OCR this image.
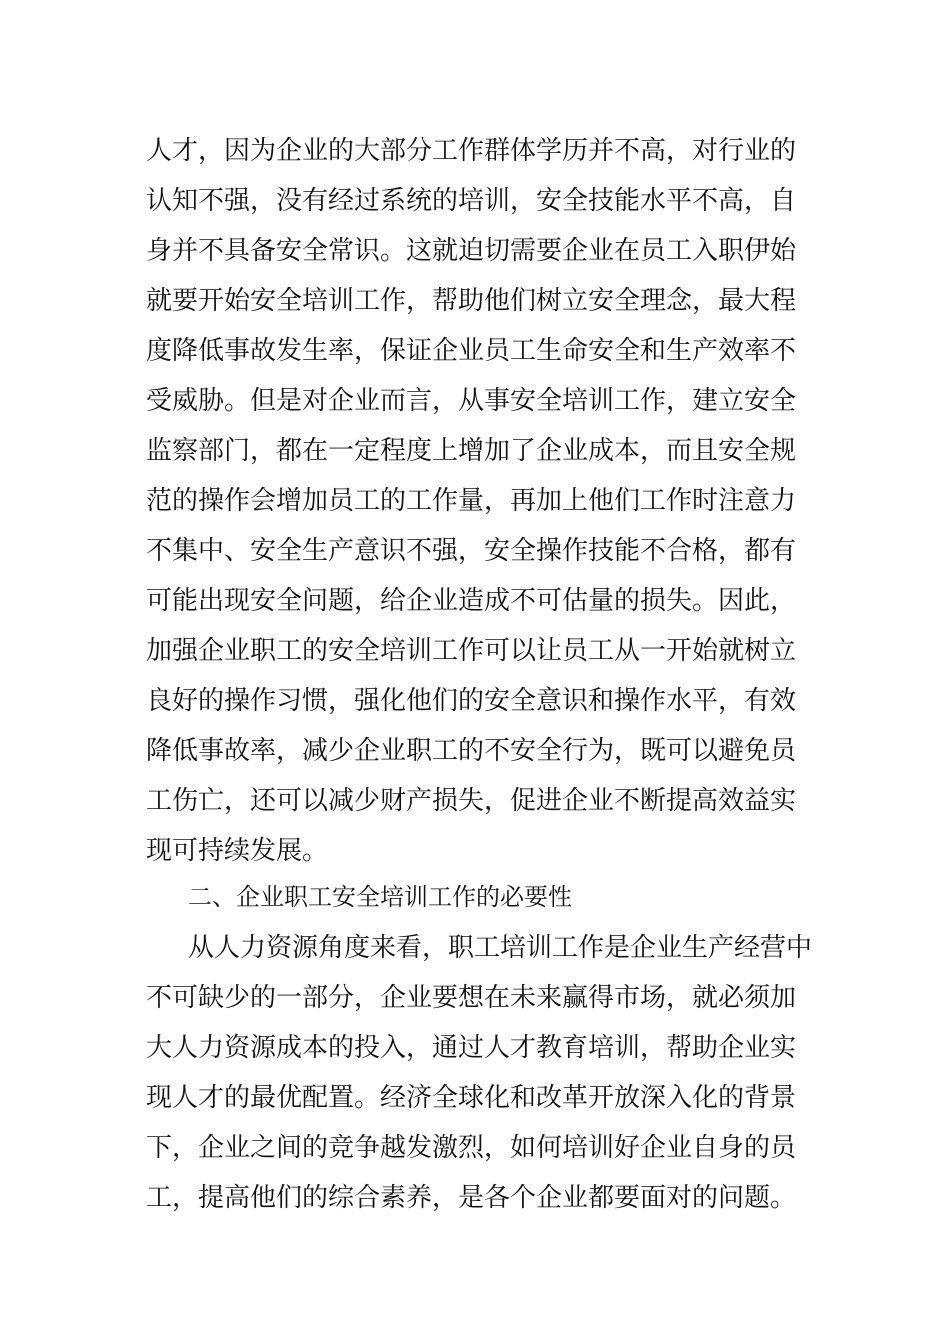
人才，因为企业的大部分工作群体学历并不高，对行业的
认知不强，没有经过系统的培训，安全技能水平不高，自
身并不具备安全常识。这就迫切需要企业在员工入职伊始
就要开始安全培训工作，帮助他们树立安全理念，最大程
度降低事故发生率，保证企业员工生命安全和生产效率不
受威胁。但是对企业而言，从事安全培训工作，建立安全
监察部门，都在一定程度上增加了企业成本，而且安全规
范的操作会增加员工的工作量，再加上他们工作时注意力
不集中、安全生产意识不强，安全操作技能不合格，都有
可能出现安全问题，给企业造成不可估量的损失。因此，
加强企业职工的安全培训工作可以让员工从一开始就树立
良好的操作习惯，强化他们的安全意识和操作水平，有效
降低事故率，减少企业职工的不安全行为，既可以避免员
工伤亡，还可以减少财产损失，促进企业不断提高效益实
现可持续发展。
二、企业职工安全培训工作的必要性
从人力资源角度来看，职工培训工作是企业生产经营中
不可缺少的一部分，企业要想在未来赢得市场，就必须加
大人力资源成本的投入，通过人才教育培训，帮助企业实
现人才的最优配置。经济全球化和改革开放深入化的背景
下，企业之间的竞争越发激烈，如何培训好企业自身的员
工，提高他们的综合素养，是各个企业都要面对的问题。
